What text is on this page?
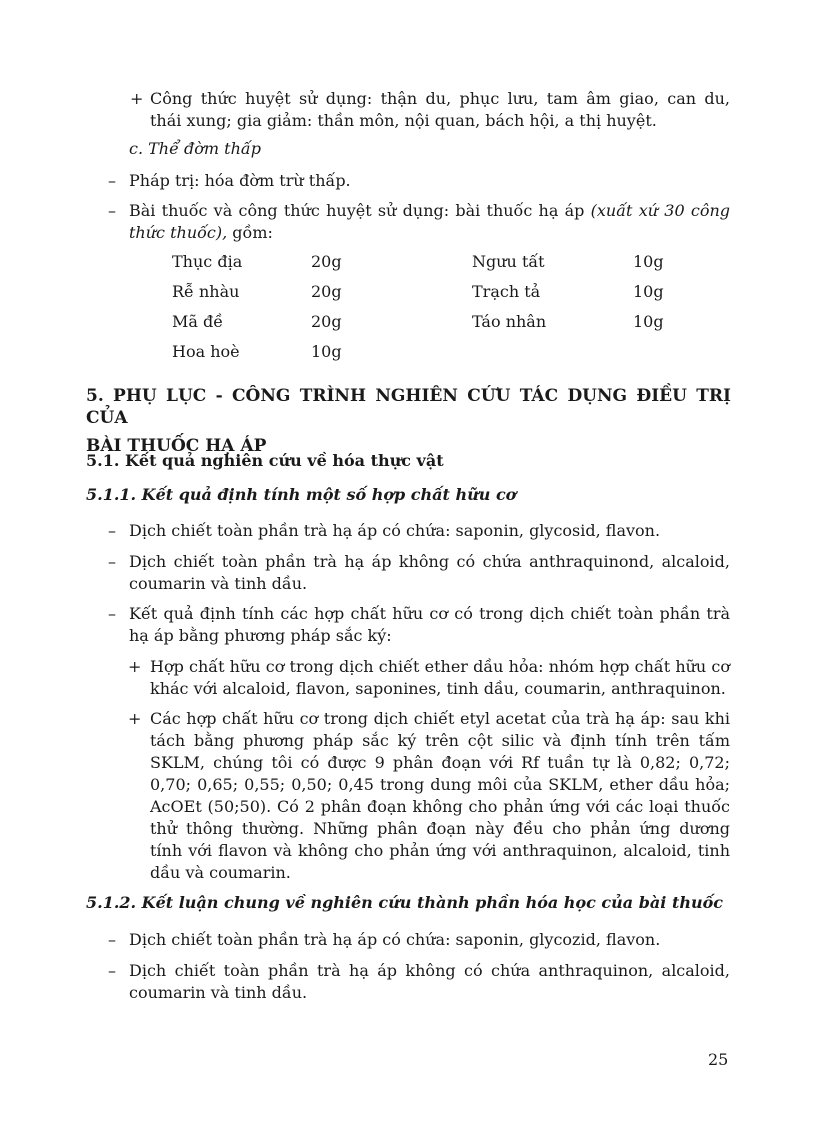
+ Công thức huyệt sử dụng: thận du, phục lưu, tam âm giao, can du,
thái xung; gia giảm: thần môn, nội quan, bách hội, a thị huyệt.
c. Thể đờm thấp
– Pháp trị: hóa đờm trừ thấp.
– Bài thuốc và công thức huyệt sử dụng: bài thuốc hạ áp (xuất xứ 30 công
thức thuốc), gồm:
Thục địa	20g	Ngưu tất	10g
Rễ nhàu	20g	Trạch tả	10g
Mã đề	20g	Táo nhân	10g
Hoa hoè	10g
5. PHỤ LỤC - CÔNG TRÌNH NGHIÊN CỨU TÁC DỤNG ĐIỀU TRỊ CỦA
BÀI THUỐC HẠ ÁP
5.1. Kết quả nghiên cứu về hóa thực vật
5.1.1. Kết quả định tính một số hợp chất hữu cơ
– Dịch chiết toàn phần trà hạ áp có chứa: saponin, glycosid, flavon.
– Dịch chiết toàn phần trà hạ áp không có chứa anthraquinond, alcaloid,
coumarin và tinh dầu.
– Kết quả định tính các hợp chất hữu cơ có trong dịch chiết toàn phần trà
hạ áp bằng phương pháp sắc ký:
+ Hợp chất hữu cơ trong dịch chiết ether dầu hỏa: nhóm hợp chất hữu cơ
khác với alcaloid, flavon, saponines, tinh dầu, coumarin, anthraquinon.
+ Các hợp chất hữu cơ trong dịch chiết etyl acetat của trà hạ áp: sau khi
tách bằng phương pháp sắc ký trên cột silic và định tính trên tấm
SKLM, chúng tôi có được 9 phân đoạn với Rf tuần tự là 0,82; 0,72;
0,70; 0,65; 0,55; 0,50; 0,45 trong dung môi của SKLM, ether dầu hỏa;
AcOEt (50;50). Có 2 phân đoạn không cho phản ứng với các loại thuốc
thử thông thường. Những phân đoạn này đều cho phản ứng dương
tính với flavon và không cho phản ứng với anthraquinon, alcaloid, tinh
dầu và coumarin.
5.1.2. Kết luận chung về nghiên cứu thành phần hóa học của bài thuốc
– Dịch chiết toàn phần trà hạ áp có chứa: saponin, glycozid, flavon.
– Dịch chiết toàn phần trà hạ áp không có chứa anthraquinon, alcaloid,
coumarin và tinh dầu.
25
